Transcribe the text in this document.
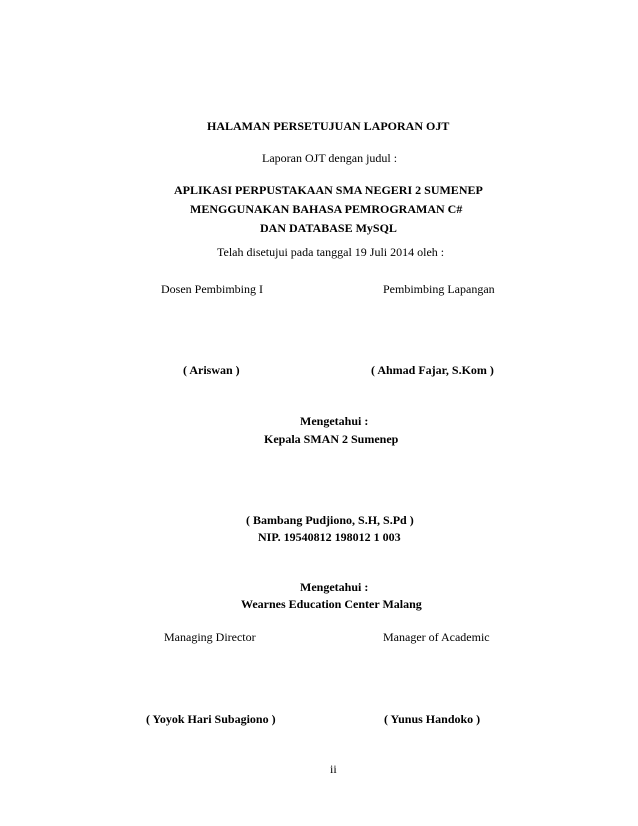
HALAMAN PERSETUJUAN LAPORAN OJT
Laporan OJT dengan judul :
APLIKASI PERPUSTAKAAN SMA NEGERI 2 SUMENEP
MENGGUNAKAN BAHASA PEMROGRAMAN C#
DAN DATABASE MySQL
Telah disetujui pada tanggal 19 Juli 2014 oleh :
Dosen Pembimbing I	Pembimbing Lapangan
( Ariswan )	( Ahmad Fajar, S.Kom )
Mengetahui :
Kepala SMAN 2 Sumenep
( Bambang Pudjiono, S.H, S.Pd )
NIP. 19540812 198012 1 003
Mengetahui :
Wearnes Education Center Malang
Managing Director	Manager of Academic
( Yoyok Hari Subagiono )	( Yunus Handoko )
ii
